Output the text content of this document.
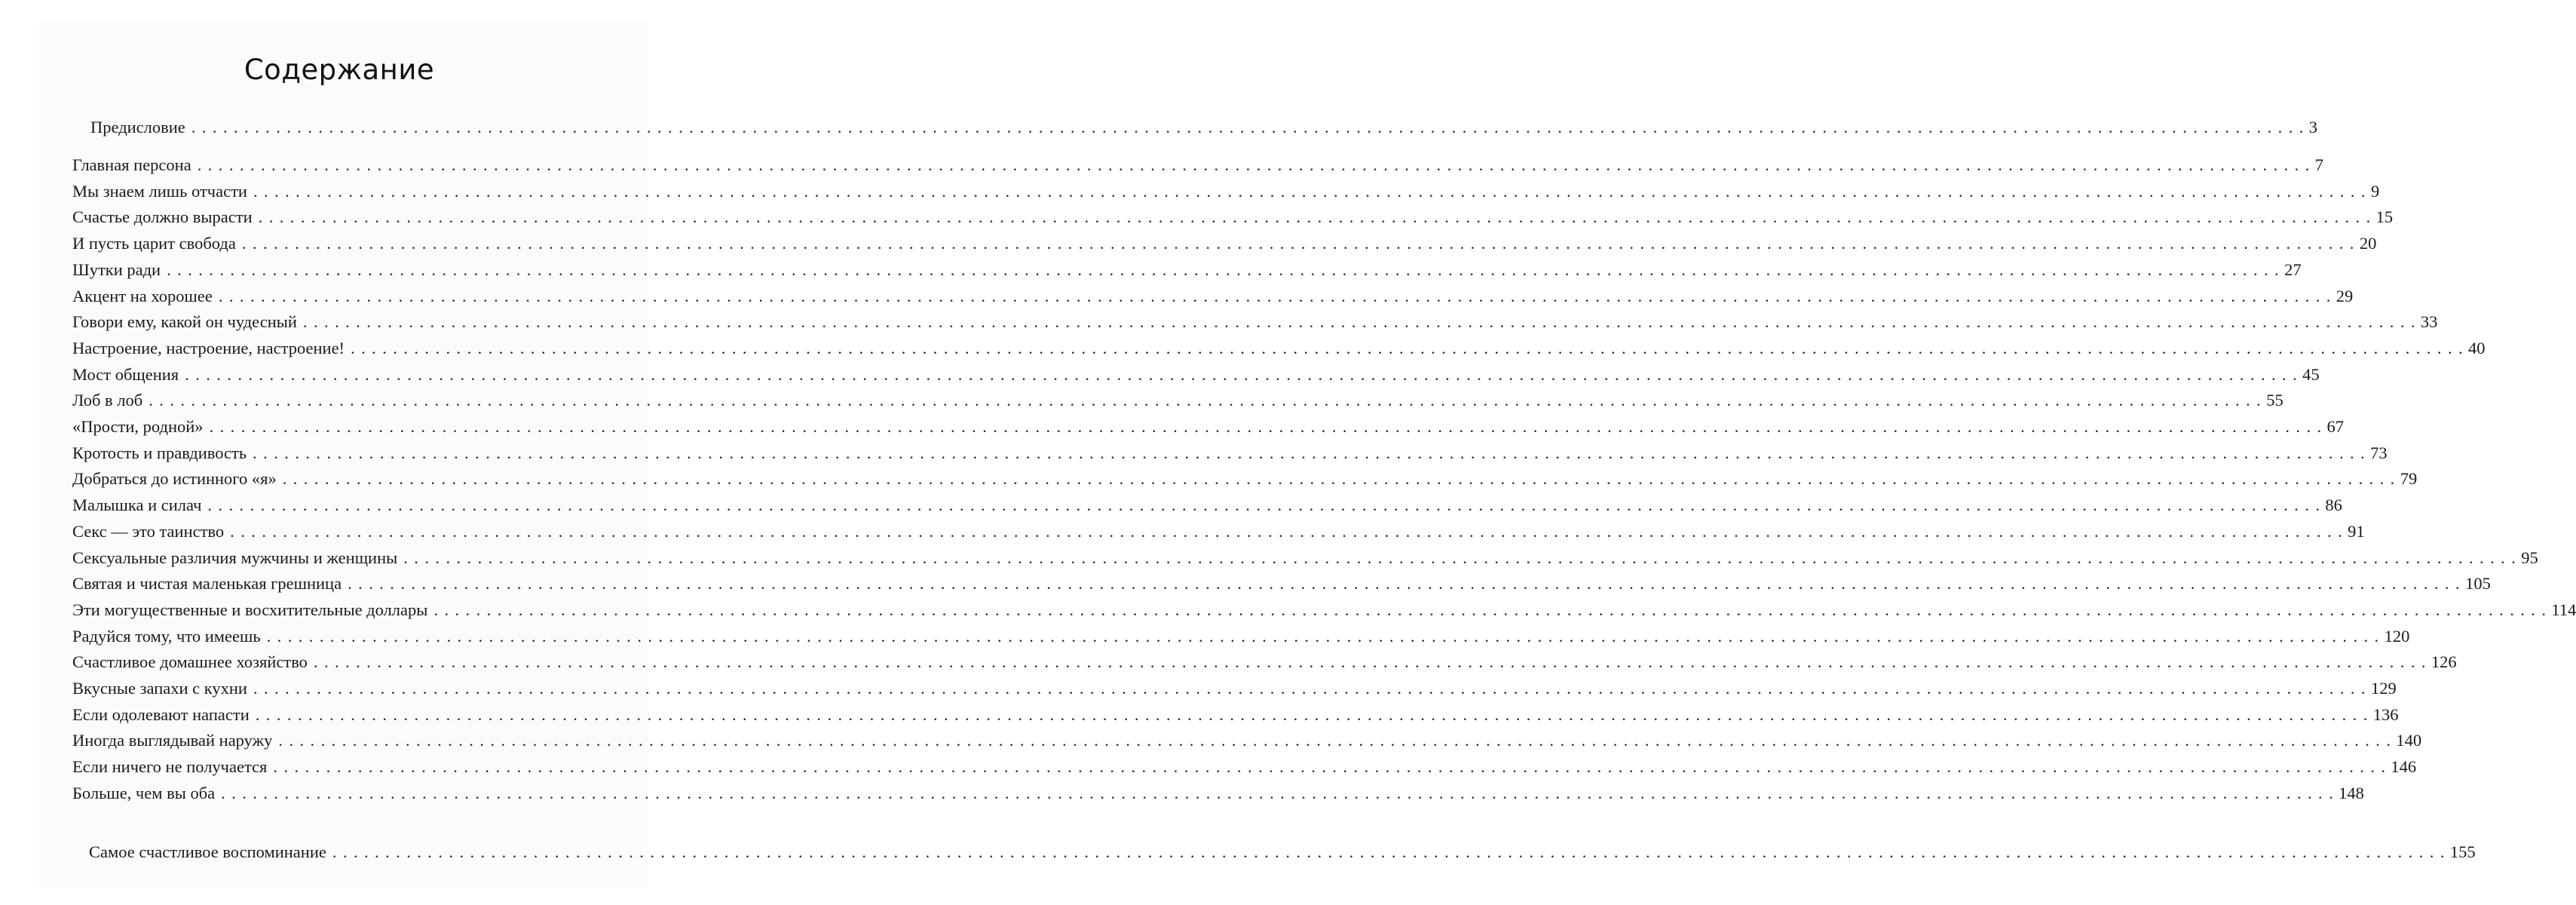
Содержание
Предисловие . . . . . . . . . . . . . . . . . . . . . . . . . . . . . . . . . . . . . . . . . . . . . . . . . . . . . . . . . . . . . . . . . . . . . . . . . . . . . . . . . . . . . . . . . . . . . . . . . . . . . . . . . . . . . . . . . . . . . . . . . . . . . . . . . . . . . . . . . . . . . . . . . . . . . . . . . . . . . . . . . . . . . . . . . . . . . . . . . . . . . . . . . . . . . . . . . . . . . . . . 3
Главная персона . . . . . . . . . . . . . . . . . . . . . . . . . . . . . . . . . . . . . . . . . . . . . . . . . . . . . . . . . . . . . . . . . . . . . . . . . . . . . . . . . . . . . . . . . . . . . . . . . . . . . . . . . . . . . . . . . . . . . . . . . . . . . . . . . . . . . . . . . . . . . . . . . . . . . . . . . . . . . . . . . . . . . . . . . . . . . . . . . . . . . . . . . . . . . . . . . . . . . . . . 7
Мы знаем лишь отчасти . . . . . . . . . . . . . . . . . . . . . . . . . . . . . . . . . . . . . . . . . . . . . . . . . . . . . . . . . . . . . . . . . . . . . . . . . . . . . . . . . . . . . . . . . . . . . . . . . . . . . . . . . . . . . . . . . . . . . . . . . . . . . . . . . . . . . . . . . . . . . . . . . . . . . . . . . . . . . . . . . . . . . . . . . . . . . . . . . . . . . . . . . . . . . . . . . . . . . . . . 9
Счастье должно вырасти . . . . . . . . . . . . . . . . . . . . . . . . . . . . . . . . . . . . . . . . . . . . . . . . . . . . . . . . . . . . . . . . . . . . . . . . . . . . . . . . . . . . . . . . . . . . . . . . . . . . . . . . . . . . . . . . . . . . . . . . . . . . . . . . . . . . . . . . . . . . . . . . . . . . . . . . . . . . . . . . . . . . . . . . . . . . . . . . . . . . . . . . . . . . . . . . . . . . . . . . 15
И пусть царит свобода . . . . . . . . . . . . . . . . . . . . . . . . . . . . . . . . . . . . . . . . . . . . . . . . . . . . . . . . . . . . . . . . . . . . . . . . . . . . . . . . . . . . . . . . . . . . . . . . . . . . . . . . . . . . . . . . . . . . . . . . . . . . . . . . . . . . . . . . . . . . . . . . . . . . . . . . . . . . . . . . . . . . . . . . . . . . . . . . . . . . . . . . . . . . . . . . . . . . . . . . 20
Шутки ради . . . . . . . . . . . . . . . . . . . . . . . . . . . . . . . . . . . . . . . . . . . . . . . . . . . . . . . . . . . . . . . . . . . . . . . . . . . . . . . . . . . . . . . . . . . . . . . . . . . . . . . . . . . . . . . . . . . . . . . . . . . . . . . . . . . . . . . . . . . . . . . . . . . . . . . . . . . . . . . . . . . . . . . . . . . . . . . . . . . . . . . . . . . . . . . . . . . . . . . . 27
Акцент на хорошее . . . . . . . . . . . . . . . . . . . . . . . . . . . . . . . . . . . . . . . . . . . . . . . . . . . . . . . . . . . . . . . . . . . . . . . . . . . . . . . . . . . . . . . . . . . . . . . . . . . . . . . . . . . . . . . . . . . . . . . . . . . . . . . . . . . . . . . . . . . . . . . . . . . . . . . . . . . . . . . . . . . . . . . . . . . . . . . . . . . . . . . . . . . . . . . . . . . . . . . . 29
Говори ему, какой он чудесный . . . . . . . . . . . . . . . . . . . . . . . . . . . . . . . . . . . . . . . . . . . . . . . . . . . . . . . . . . . . . . . . . . . . . . . . . . . . . . . . . . . . . . . . . . . . . . . . . . . . . . . . . . . . . . . . . . . . . . . . . . . . . . . . . . . . . . . . . . . . . . . . . . . . . . . . . . . . . . . . . . . . . . . . . . . . . . . . . . . . . . . . . . . . . . . . . . . . . . . . 33
Настроение, настроение, настроение! . . . . . . . . . . . . . . . . . . . . . . . . . . . . . . . . . . . . . . . . . . . . . . . . . . . . . . . . . . . . . . . . . . . . . . . . . . . . . . . . . . . . . . . . . . . . . . . . . . . . . . . . . . . . . . . . . . . . . . . . . . . . . . . . . . . . . . . . . . . . . . . . . . . . . . . . . . . . . . . . . . . . . . . . . . . . . . . . . . . . . . . . . . . . . . . . . . . . . . . . 40
Мост общения . . . . . . . . . . . . . . . . . . . . . . . . . . . . . . . . . . . . . . . . . . . . . . . . . . . . . . . . . . . . . . . . . . . . . . . . . . . . . . . . . . . . . . . . . . . . . . . . . . . . . . . . . . . . . . . . . . . . . . . . . . . . . . . . . . . . . . . . . . . . . . . . . . . . . . . . . . . . . . . . . . . . . . . . . . . . . . . . . . . . . . . . . . . . . . . . . . . . . . . . 45
Лоб в лоб . . . . . . . . . . . . . . . . . . . . . . . . . . . . . . . . . . . . . . . . . . . . . . . . . . . . . . . . . . . . . . . . . . . . . . . . . . . . . . . . . . . . . . . . . . . . . . . . . . . . . . . . . . . . . . . . . . . . . . . . . . . . . . . . . . . . . . . . . . . . . . . . . . . . . . . . . . . . . . . . . . . . . . . . . . . . . . . . . . . . . . . . . . . . . . . . . . . . . . . . 55
«Прости, родной» . . . . . . . . . . . . . . . . . . . . . . . . . . . . . . . . . . . . . . . . . . . . . . . . . . . . . . . . . . . . . . . . . . . . . . . . . . . . . . . . . . . . . . . . . . . . . . . . . . . . . . . . . . . . . . . . . . . . . . . . . . . . . . . . . . . . . . . . . . . . . . . . . . . . . . . . . . . . . . . . . . . . . . . . . . . . . . . . . . . . . . . . . . . . . . . . . . . . . . . . 67
Кротость и правдивость . . . . . . . . . . . . . . . . . . . . . . . . . . . . . . . . . . . . . . . . . . . . . . . . . . . . . . . . . . . . . . . . . . . . . . . . . . . . . . . . . . . . . . . . . . . . . . . . . . . . . . . . . . . . . . . . . . . . . . . . . . . . . . . . . . . . . . . . . . . . . . . . . . . . . . . . . . . . . . . . . . . . . . . . . . . . . . . . . . . . . . . . . . . . . . . . . . . . . . . . 73
Добраться до истинного «я» . . . . . . . . . . . . . . . . . . . . . . . . . . . . . . . . . . . . . . . . . . . . . . . . . . . . . . . . . . . . . . . . . . . . . . . . . . . . . . . . . . . . . . . . . . . . . . . . . . . . . . . . . . . . . . . . . . . . . . . . . . . . . . . . . . . . . . . . . . . . . . . . . . . . . . . . . . . . . . . . . . . . . . . . . . . . . . . . . . . . . . . . . . . . . . . . . . . . . . . . 79
Малышка и силач . . . . . . . . . . . . . . . . . . . . . . . . . . . . . . . . . . . . . . . . . . . . . . . . . . . . . . . . . . . . . . . . . . . . . . . . . . . . . . . . . . . . . . . . . . . . . . . . . . . . . . . . . . . . . . . . . . . . . . . . . . . . . . . . . . . . . . . . . . . . . . . . . . . . . . . . . . . . . . . . . . . . . . . . . . . . . . . . . . . . . . . . . . . . . . . . . . . . . . . . 86
Секс — это таинство . . . . . . . . . . . . . . . . . . . . . . . . . . . . . . . . . . . . . . . . . . . . . . . . . . . . . . . . . . . . . . . . . . . . . . . . . . . . . . . . . . . . . . . . . . . . . . . . . . . . . . . . . . . . . . . . . . . . . . . . . . . . . . . . . . . . . . . . . . . . . . . . . . . . . . . . . . . . . . . . . . . . . . . . . . . . . . . . . . . . . . . . . . . . . . . . . . . . . . . . 91
Сексуальные различия мужчины и женщины . . . . . . . . . . . . . . . . . . . . . . . . . . . . . . . . . . . . . . . . . . . . . . . . . . . . . . . . . . . . . . . . . . . . . . . . . . . . . . . . . . . . . . . . . . . . . . . . . . . . . . . . . . . . . . . . . . . . . . . . . . . . . . . . . . . . . . . . . . . . . . . . . . . . . . . . . . . . . . . . . . . . . . . . . . . . . . . . . . . . . . . . . . . . . . . . . . . . . . . . 95
Святая и чистая маленькая грешница . . . . . . . . . . . . . . . . . . . . . . . . . . . . . . . . . . . . . . . . . . . . . . . . . . . . . . . . . . . . . . . . . . . . . . . . . . . . . . . . . . . . . . . . . . . . . . . . . . . . . . . . . . . . . . . . . . . . . . . . . . . . . . . . . . . . . . . . . . . . . . . . . . . . . . . . . . . . . . . . . . . . . . . . . . . . . . . . . . . . . . . . . . . . . . . . . . . . . . . . 105
Эти могущественные и восхитительные доллары . . . . . . . . . . . . . . . . . . . . . . . . . . . . . . . . . . . . . . . . . . . . . . . . . . . . . . . . . . . . . . . . . . . . . . . . . . . . . . . . . . . . . . . . . . . . . . . . . . . . . . . . . . . . . . . . . . . . . . . . . . . . . . . . . . . . . . . . . . . . . . . . . . . . . . . . . . . . . . . . . . . . . . . . . . . . . . . . . . . . . . . . . . . . . . . . . . . . . . . . 114
Радуйся тому, что имеешь . . . . . . . . . . . . . . . . . . . . . . . . . . . . . . . . . . . . . . . . . . . . . . . . . . . . . . . . . . . . . . . . . . . . . . . . . . . . . . . . . . . . . . . . . . . . . . . . . . . . . . . . . . . . . . . . . . . . . . . . . . . . . . . . . . . . . . . . . . . . . . . . . . . . . . . . . . . . . . . . . . . . . . . . . . . . . . . . . . . . . . . . . . . . . . . . . . . . . . . . 120
Счастливое домашнее хозяйство . . . . . . . . . . . . . . . . . . . . . . . . . . . . . . . . . . . . . . . . . . . . . . . . . . . . . . . . . . . . . . . . . . . . . . . . . . . . . . . . . . . . . . . . . . . . . . . . . . . . . . . . . . . . . . . . . . . . . . . . . . . . . . . . . . . . . . . . . . . . . . . . . . . . . . . . . . . . . . . . . . . . . . . . . . . . . . . . . . . . . . . . . . . . . . . . . . . . . . . . 126
Вкусные запахи с кухни . . . . . . . . . . . . . . . . . . . . . . . . . . . . . . . . . . . . . . . . . . . . . . . . . . . . . . . . . . . . . . . . . . . . . . . . . . . . . . . . . . . . . . . . . . . . . . . . . . . . . . . . . . . . . . . . . . . . . . . . . . . . . . . . . . . . . . . . . . . . . . . . . . . . . . . . . . . . . . . . . . . . . . . . . . . . . . . . . . . . . . . . . . . . . . . . . . . . . . . . 129
Если одолевают напасти . . . . . . . . . . . . . . . . . . . . . . . . . . . . . . . . . . . . . . . . . . . . . . . . . . . . . . . . . . . . . . . . . . . . . . . . . . . . . . . . . . . . . . . . . . . . . . . . . . . . . . . . . . . . . . . . . . . . . . . . . . . . . . . . . . . . . . . . . . . . . . . . . . . . . . . . . . . . . . . . . . . . . . . . . . . . . . . . . . . . . . . . . . . . . . . . . . . . . . . . 136
Иногда выглядывай наружу . . . . . . . . . . . . . . . . . . . . . . . . . . . . . . . . . . . . . . . . . . . . . . . . . . . . . . . . . . . . . . . . . . . . . . . . . . . . . . . . . . . . . . . . . . . . . . . . . . . . . . . . . . . . . . . . . . . . . . . . . . . . . . . . . . . . . . . . . . . . . . . . . . . . . . . . . . . . . . . . . . . . . . . . . . . . . . . . . . . . . . . . . . . . . . . . . . . . . . . . 140
Если ничего не получается . . . . . . . . . . . . . . . . . . . . . . . . . . . . . . . . . . . . . . . . . . . . . . . . . . . . . . . . . . . . . . . . . . . . . . . . . . . . . . . . . . . . . . . . . . . . . . . . . . . . . . . . . . . . . . . . . . . . . . . . . . . . . . . . . . . . . . . . . . . . . . . . . . . . . . . . . . . . . . . . . . . . . . . . . . . . . . . . . . . . . . . . . . . . . . . . . . . . . . . . 146
Больше, чем вы оба . . . . . . . . . . . . . . . . . . . . . . . . . . . . . . . . . . . . . . . . . . . . . . . . . . . . . . . . . . . . . . . . . . . . . . . . . . . . . . . . . . . . . . . . . . . . . . . . . . . . . . . . . . . . . . . . . . . . . . . . . . . . . . . . . . . . . . . . . . . . . . . . . . . . . . . . . . . . . . . . . . . . . . . . . . . . . . . . . . . . . . . . . . . . . . . . . . . . . . . . 148
Самое счастливое воспоминание . . . . . . . . . . . . . . . . . . . . . . . . . . . . . . . . . . . . . . . . . . . . . . . . . . . . . . . . . . . . . . . . . . . . . . . . . . . . . . . . . . . . . . . . . . . . . . . . . . . . . . . . . . . . . . . . . . . . . . . . . . . . . . . . . . . . . . . . . . . . . . . . . . . . . . . . . . . . . . . . . . . . . . . . . . . . . . . . . . . . . . . . . . . . . . . . . . . . . . . . 155
